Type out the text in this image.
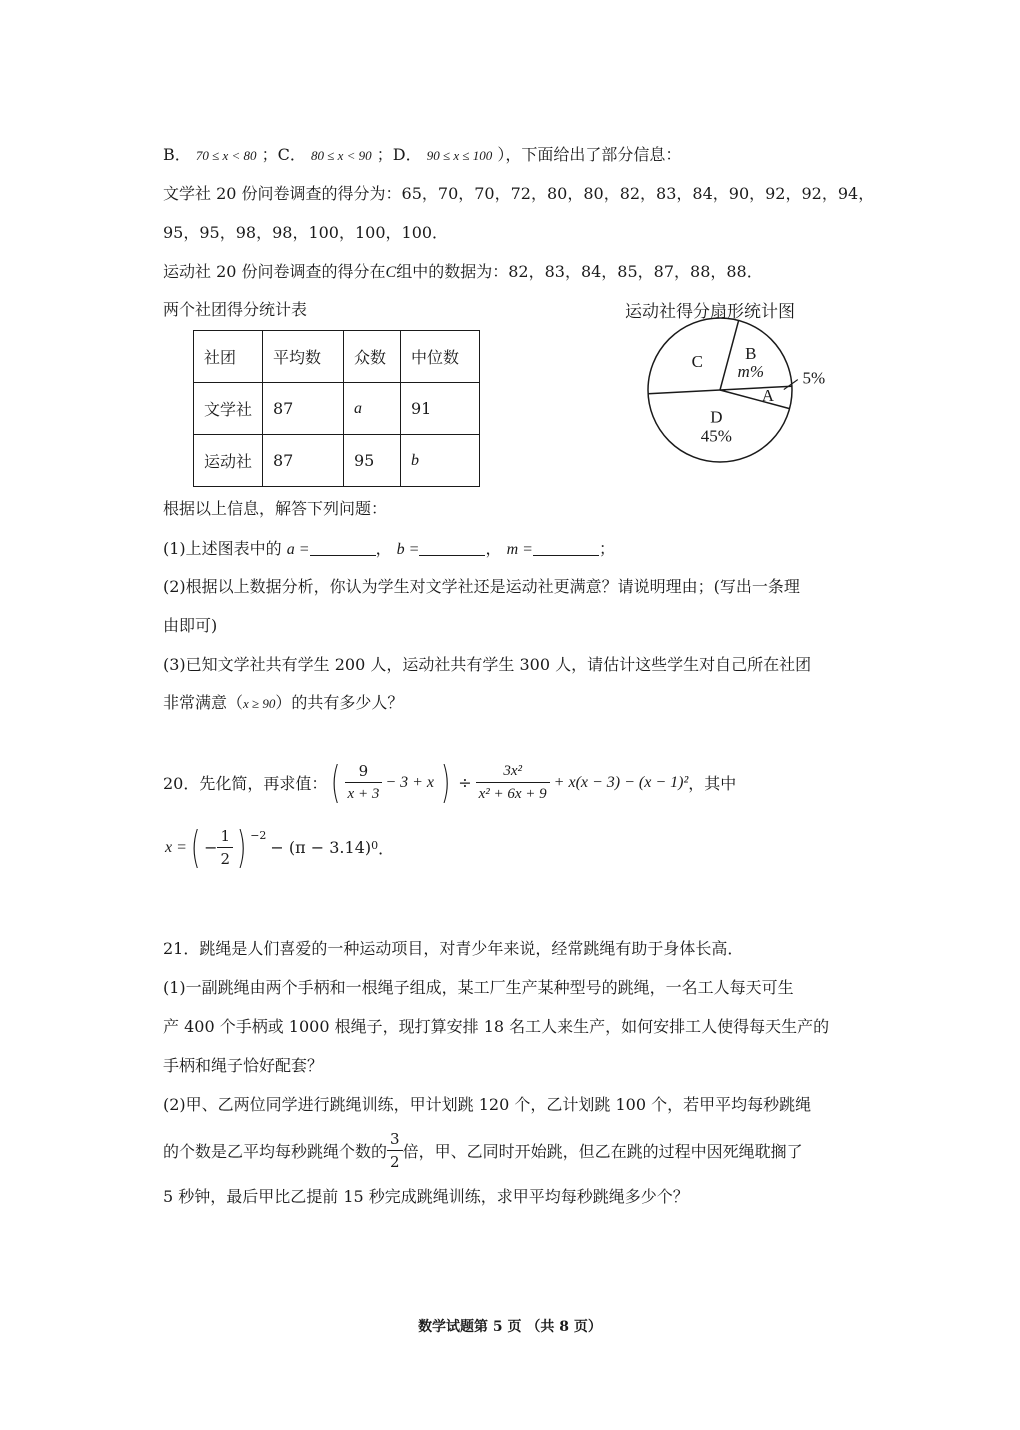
B． 70 ≤ x < 80 ；C． 80 ≤ x < 90 ；D． 90 ≤ x ≤ 100 ），下面给出了部分信息：
文学社 20 份问卷调查的得分为：65，70，70，72，80，80，82，83，84，90，92，92，94，
95，95，98，98，100，100，100．
运动社 20 份问卷调查的得分在C组中的数据为：82，83，84，85，87，88，88．
两个社团得分统计表	运动社得分扇形统计图
社团	平均数	众数	中位数
文学社	87	a	91
运动社	87	95	b
A
5%
B
m%
C
D
45%
根据以上信息，解答下列问题：
(1)上述图表中的 a =	， b =	， m =	；
(2)根据以上数据分析，你认为学生对文学社还是运动社更满意？请说明理由；(写出一条理
由即可)
(3)已知文学社共有学生 200 人，运动社共有学生 300 人，请估计这些学生对自己所在社团
非常满意（x ≥ 90）的共有多少人？
20．先化简，再求值： ( $\frac{9}{x + 3} - 3 + x$ ) ÷ $\frac{\text{3x²}}{\text{x² + 6x + 9}} + x(x - 3) - (x - 1)^2$ ，其中
x = ( − $\frac{1}{2}$ ) $^{-2}$
− (π − 3.14) 0 ．
21．跳绳是人们喜爱的一种运动项目，对青少年来说，经常跳绳有助于身体长高．
(1)一副跳绳由两个手柄和一根绳子组成，某工厂生产某种型号的跳绳，一名工人每天可生
产 400 个手柄或 1000 根绳子，现打算安排 18 名工人来生产，如何安排工人使得每天生产的
手柄和绳子恰好配套？
(2)甲、乙两位同学进行跳绳训练，甲计划跳 120 个，乙计划跳 100 个，若甲平均每秒跳绳
的个数是乙平均每秒跳绳个数的 $\frac{3}{2}$ 倍，甲、乙同时开始跳，但乙在跳的过程中因死绳耽搁了
5 秒钟，最后甲比乙提前 15 秒完成跳绳训练，求甲平均每秒跳绳多少个？
数学试题第 5 页 （共 8 页）
